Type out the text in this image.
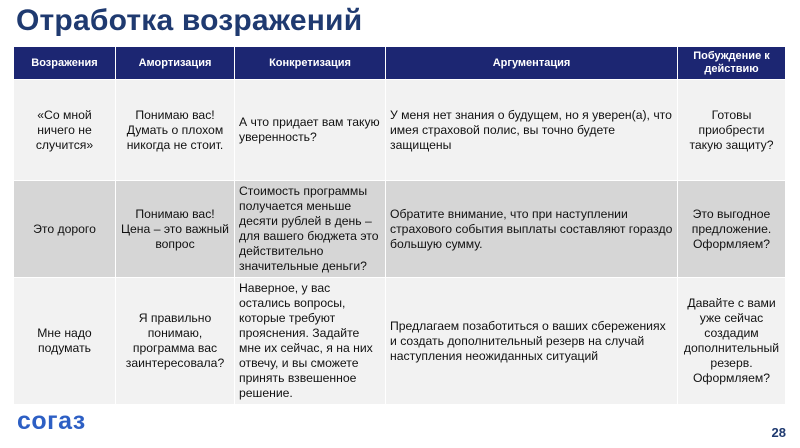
Отработка возражений
Возражения	Амортизация	Конкретизация	Аргументация	Побуждение к действию
«Со мной ничего не случится»	Понимаю вас! Думать о плохом никогда не стоит.	А что придает вам такую уверенность?	У меня нет знания о будущем, но я уверен(а), что имея страховой полис, вы точно будете защищены	Готовы приобрести такую защиту?
Это дорого	Понимаю вас! Цена – это важный вопрос	Стоимость программы получается меньше десяти рублей в день – для вашего бюджета это действительно значительные деньги?	Обратите внимание, что при наступлении страхового события выплаты составляют гораздо большую сумму.	Это выгодное предложение. Оформляем?
Мне надо подумать	Я правильно понимаю, программа вас заинтересовала?	Наверное, у вас остались вопросы, которые требуют прояснения. Задайте мне их сейчас, я на них отвечу, и вы сможете принять взвешенное решение.	Предлагаем позаботиться о ваших сбережениях и создать дополнительный резерв на случай наступления неожиданных ситуаций	Давайте с вами уже сейчас создадим дополнительный резерв. Оформляем?
согаз	28
